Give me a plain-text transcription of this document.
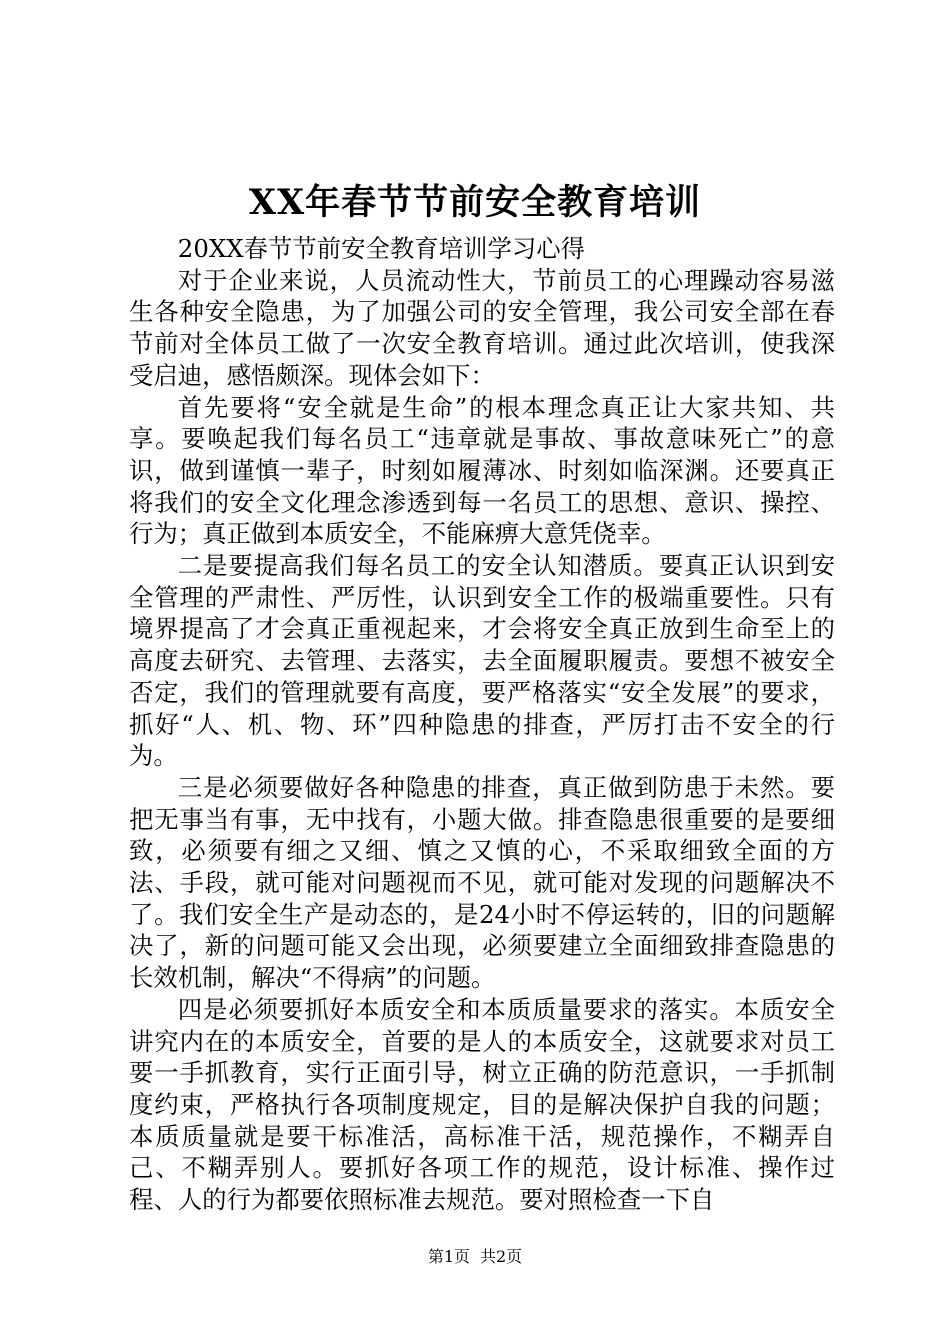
XX年春节节前安全教育培训

20XX春节节前安全教育培训学习心得

对于企业来说，人员流动性大，节前员工的心理躁动容易滋生各种安全隐患，为了加强公司的安全管理，我公司安全部在春节前对全体员工做了一次安全教育培训。通过此次培训，使我深受启迪，感悟颇深。现体会如下：

首先要将“安全就是生命”的根本理念真正让大家共知、共享。要唤起我们每名员工“违章就是事故、事故意味死亡”的意识，做到谨慎一辈子，时刻如履薄冰、时刻如临深渊。还要真正将我们的安全文化理念渗透到每一名员工的思想、意识、操控、行为；真正做到本质安全，不能麻痹大意凭侥幸。

二是要提高我们每名员工的安全认知潜质。要真正认识到安全管理的严肃性、严厉性，认识到安全工作的极端重要性。只有境界提高了才会真正重视起来，才会将安全真正放到生命至上的高度去研究、去管理、去落实，去全面履职履责。要想不被安全否定，我们的管理就要有高度，要严格落实“安全发展”的要求，抓好“人、机、物、环”四种隐患的排查，严厉打击不安全的行为。

三是必须要做好各种隐患的排查，真正做到防患于未然。要把无事当有事，无中找有，小题大做。排查隐患很重要的是要细致，必须要有细之又细、慎之又慎的心，不采取细致全面的方法、手段，就可能对问题视而不见，就可能对发现的问题解决不了。我们安全生产是动态的，是24小时不停运转的，旧的问题解决了，新的问题可能又会出现，必须要建立全面细致排查隐患的长效机制，解决“不得病”的问题。

四是必须要抓好本质安全和本质质量要求的落实。本质安全讲究内在的本质安全，首要的是人的本质安全，这就要求对员工要一手抓教育，实行正面引导，树立正确的防范意识，一手抓制度约束，严格执行各项制度规定，目的是解决保护自我的问题；本质质量就是要干标准活，高标准干活，规范操作，不糊弄自己、不糊弄别人。要抓好各项工作的规范，设计标准、操作过程、人的行为都要依照标准去规范。要对照检查一下自

第1页 共2页
